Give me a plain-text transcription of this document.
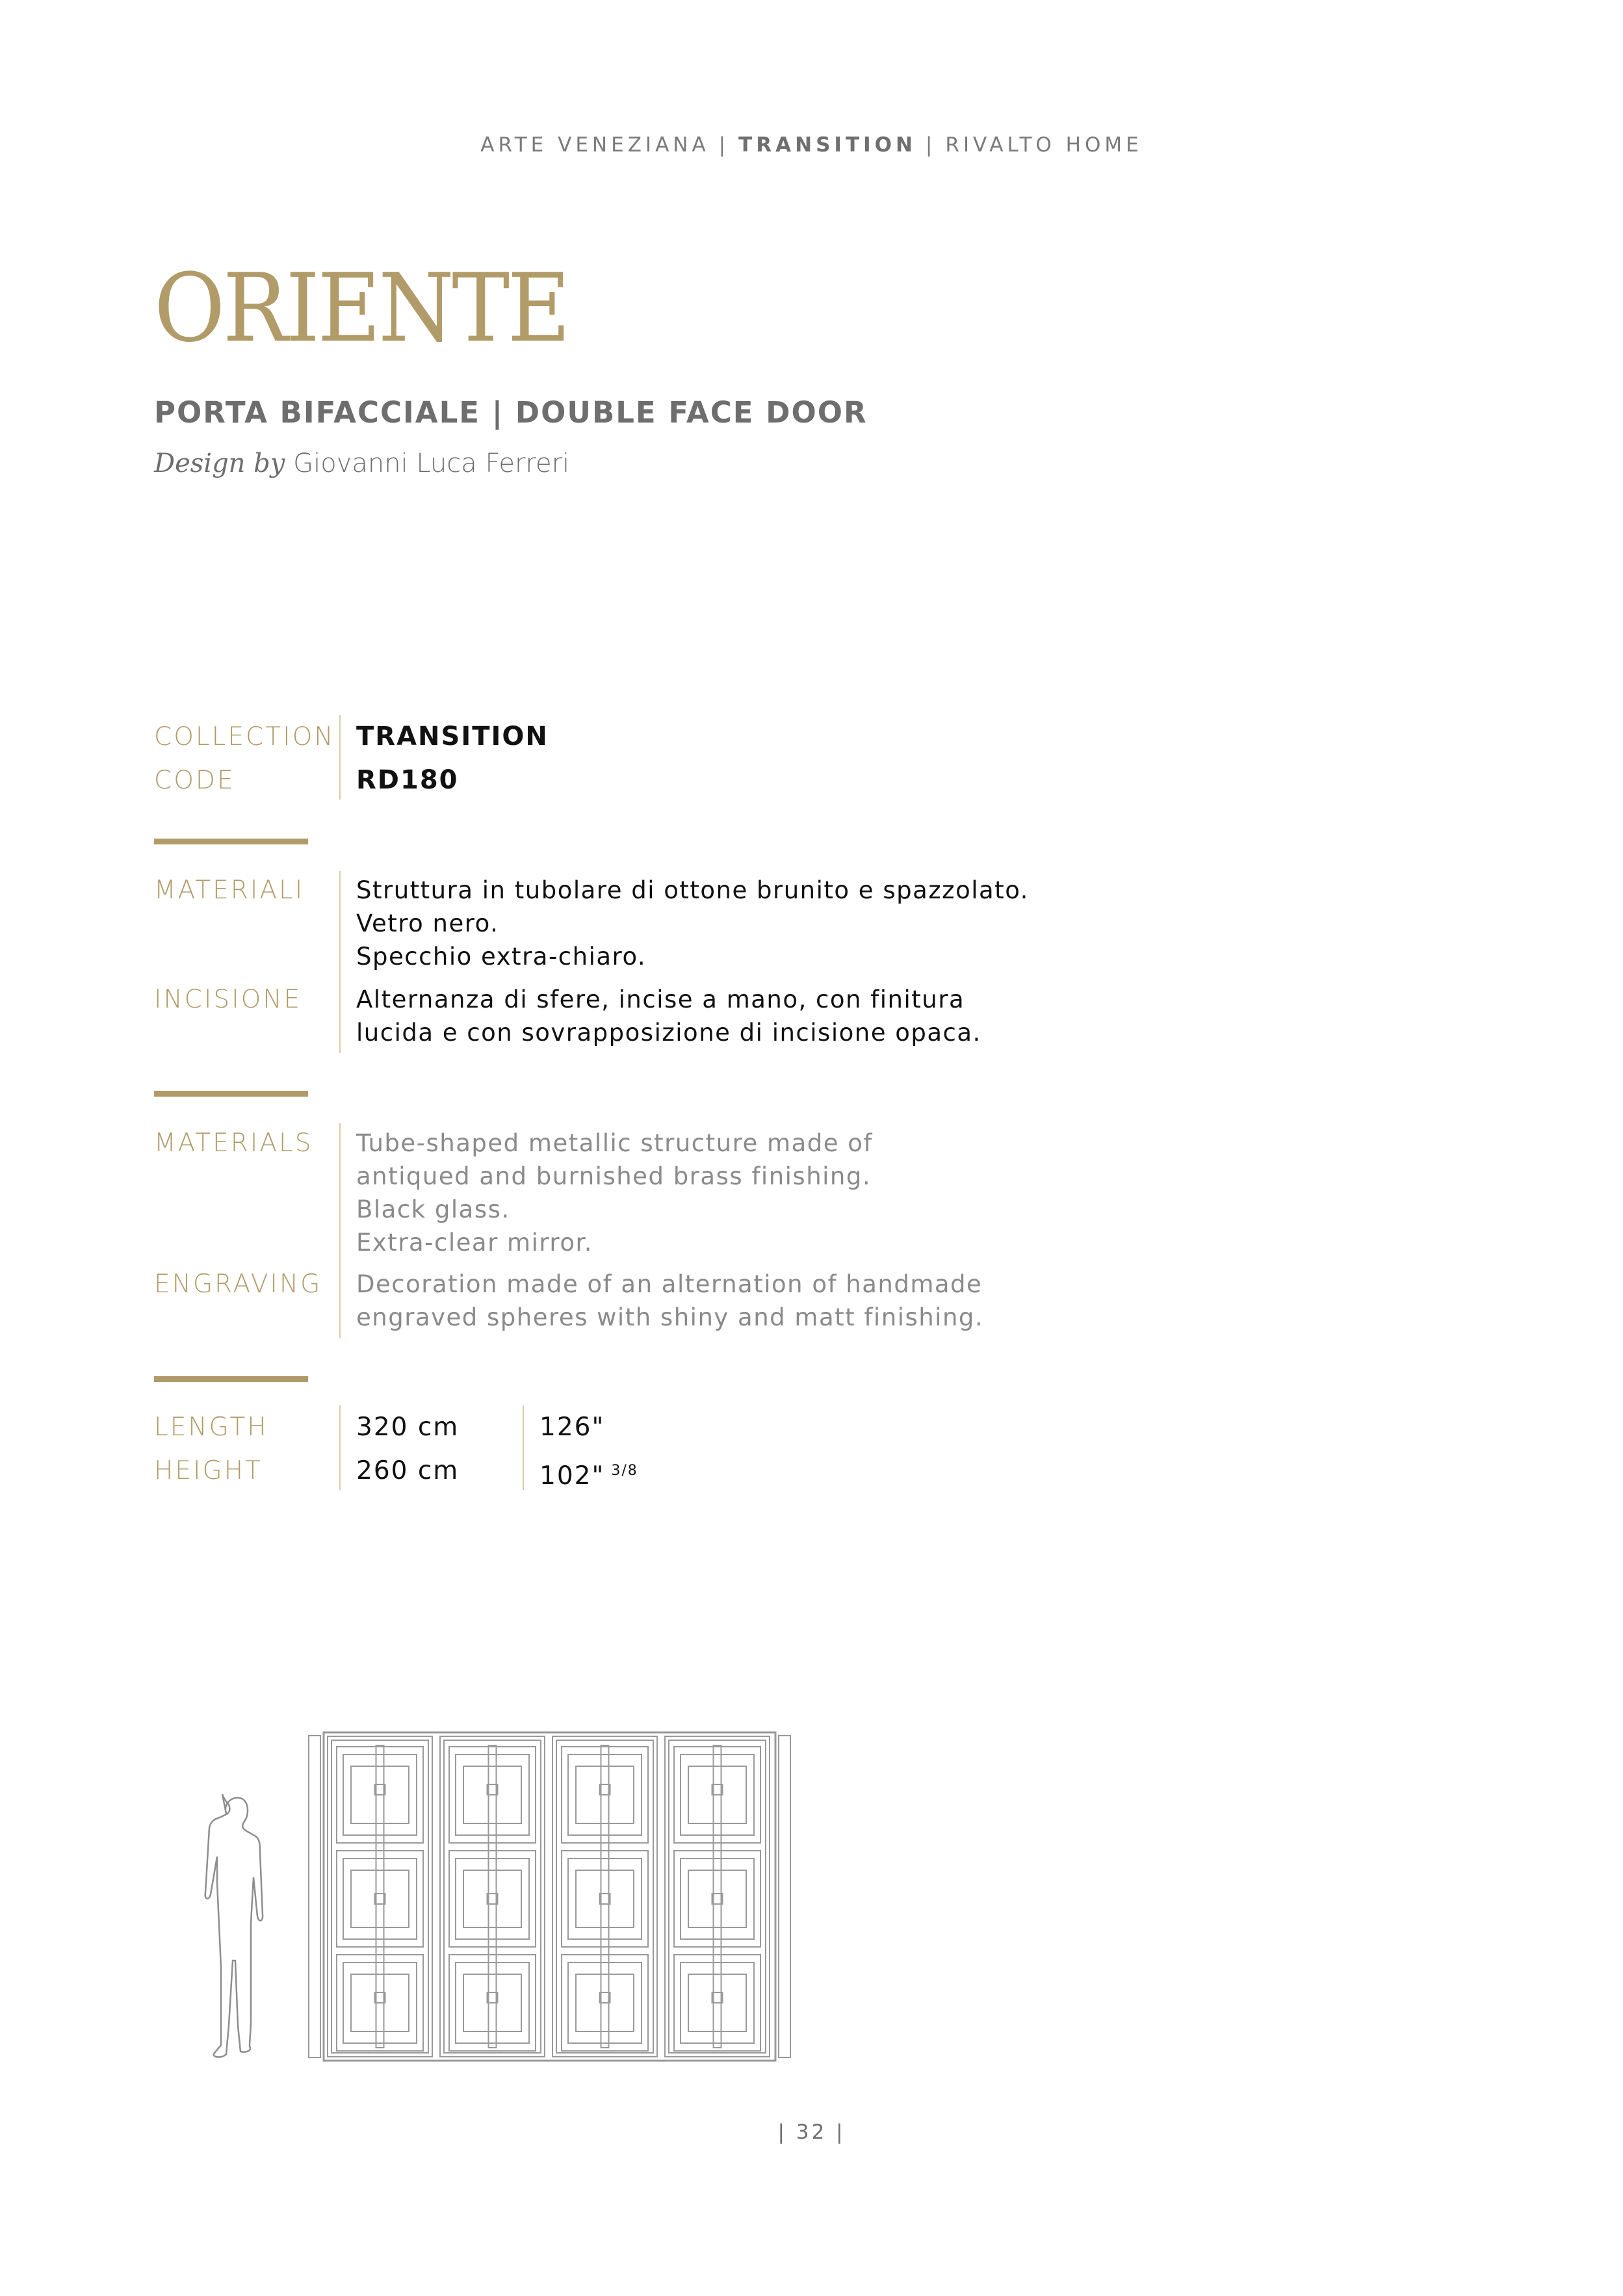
ARTE VENEZIANA | TRANSITION | RIVALTO HOME
ORIENTE
PORTA BIFACCIALE | DOUBLE FACE DOOR
Design by Giovanni Luca Ferreri
COLLECTION
CODE
TRANSITION
RD180
MATERIALI Struttura in tubolare di ottone brunito e spazzolato.
Vetro nero.
Specchio extra-chiaro.
INCISIONE Alternanza di sfere, incise a mano, con finitura
lucida e con sovrapposizione di incisione opaca.
MATERIALS Tube-shaped metallic structure made of
antiqued and burnished brass finishing.
Black glass.
Extra-clear mirror.
ENGRAVING Decoration made of an alternation of handmade
engraved spheres with shiny and matt finishing.
LENGTH
HEIGHT
320 cm
260 cm
126"
102" $^{3/8}$
| 32 |
